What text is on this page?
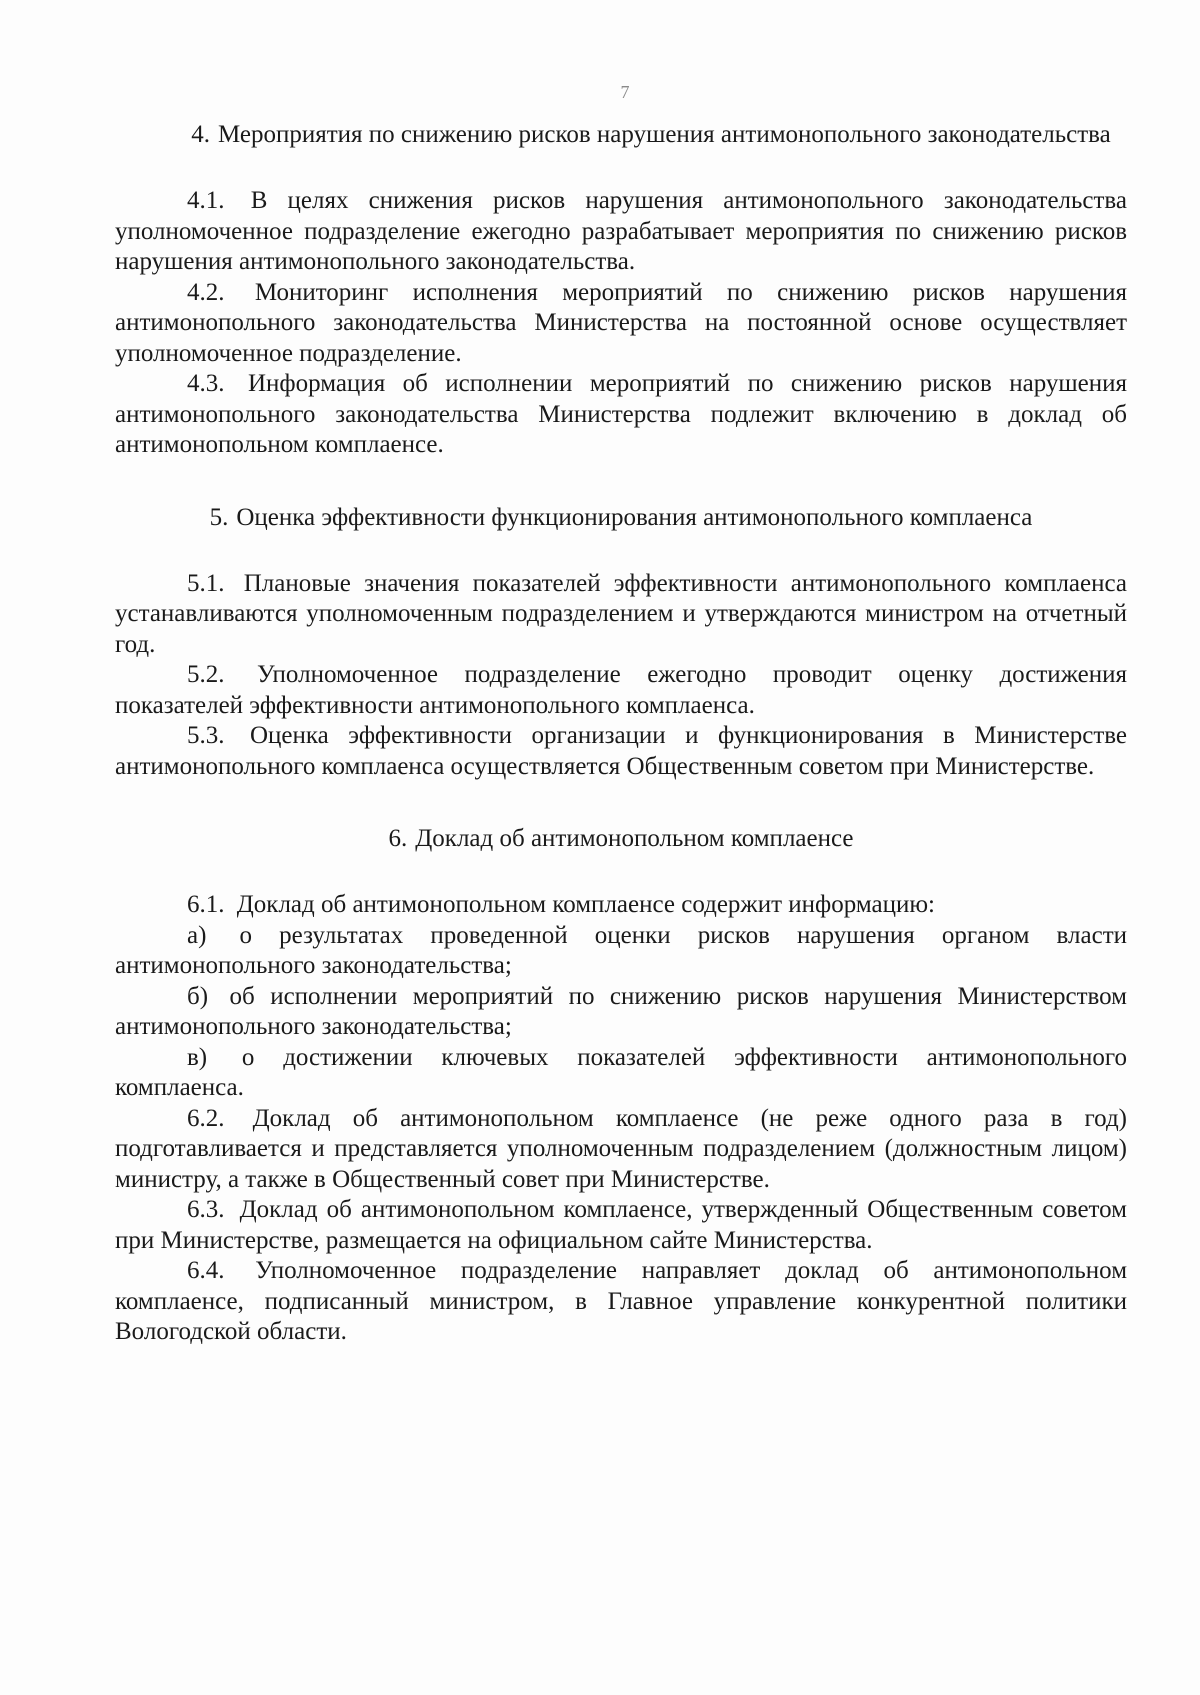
7

4. Мероприятия по снижению рисков нарушения антимонопольного законодательства

4.1. В целях снижения рисков нарушения антимонопольного законодательства уполномоченное подразделение ежегодно разрабатывает мероприятия по снижению рисков нарушения антимонопольного законодательства.

4.2. Мониторинг исполнения мероприятий по снижению рисков нарушения антимонопольного законодательства Министерства на постоянной основе осуществляет уполномоченное подразделение.

4.3. Информация об исполнении мероприятий по снижению рисков нарушения антимонопольного законодательства Министерства подлежит включению в доклад об антимонопольном комплаенсе.

5. Оценка эффективности функционирования антимонопольного комплаенса

5.1. Плановые значения показателей эффективности антимонопольного комплаенса устанавливаются уполномоченным подразделением и утверждаются министром на отчетный год.

5.2. Уполномоченное подразделение ежегодно проводит оценку достижения показателей эффективности антимонопольного комплаенса.

5.3. Оценка эффективности организации и функционирования в Министерстве антимонопольного комплаенса осуществляется Общественным советом при Министерстве.

6. Доклад об антимонопольном комплаенсе

6.1. Доклад об антимонопольном комплаенсе содержит информацию:

а) о результатах проведенной оценки рисков нарушения органом власти антимонопольного законодательства;

б) об исполнении мероприятий по снижению рисков нарушения Министерством антимонопольного законодательства;

в) о достижении ключевых показателей эффективности антимонопольного комплаенса.

6.2. Доклад об антимонопольном комплаенсе (не реже одного раза в год) подготавливается и представляется уполномоченным подразделением (должностным лицом) министру, а также в Общественный совет при Министерстве.

6.3. Доклад об антимонопольном комплаенсе, утвержденный Общественным советом при Министерстве, размещается на официальном сайте Министерства.

6.4. Уполномоченное подразделение направляет доклад об антимонопольном комплаенсе, подписанный министром, в Главное управление конкурентной политики Вологодской области.
